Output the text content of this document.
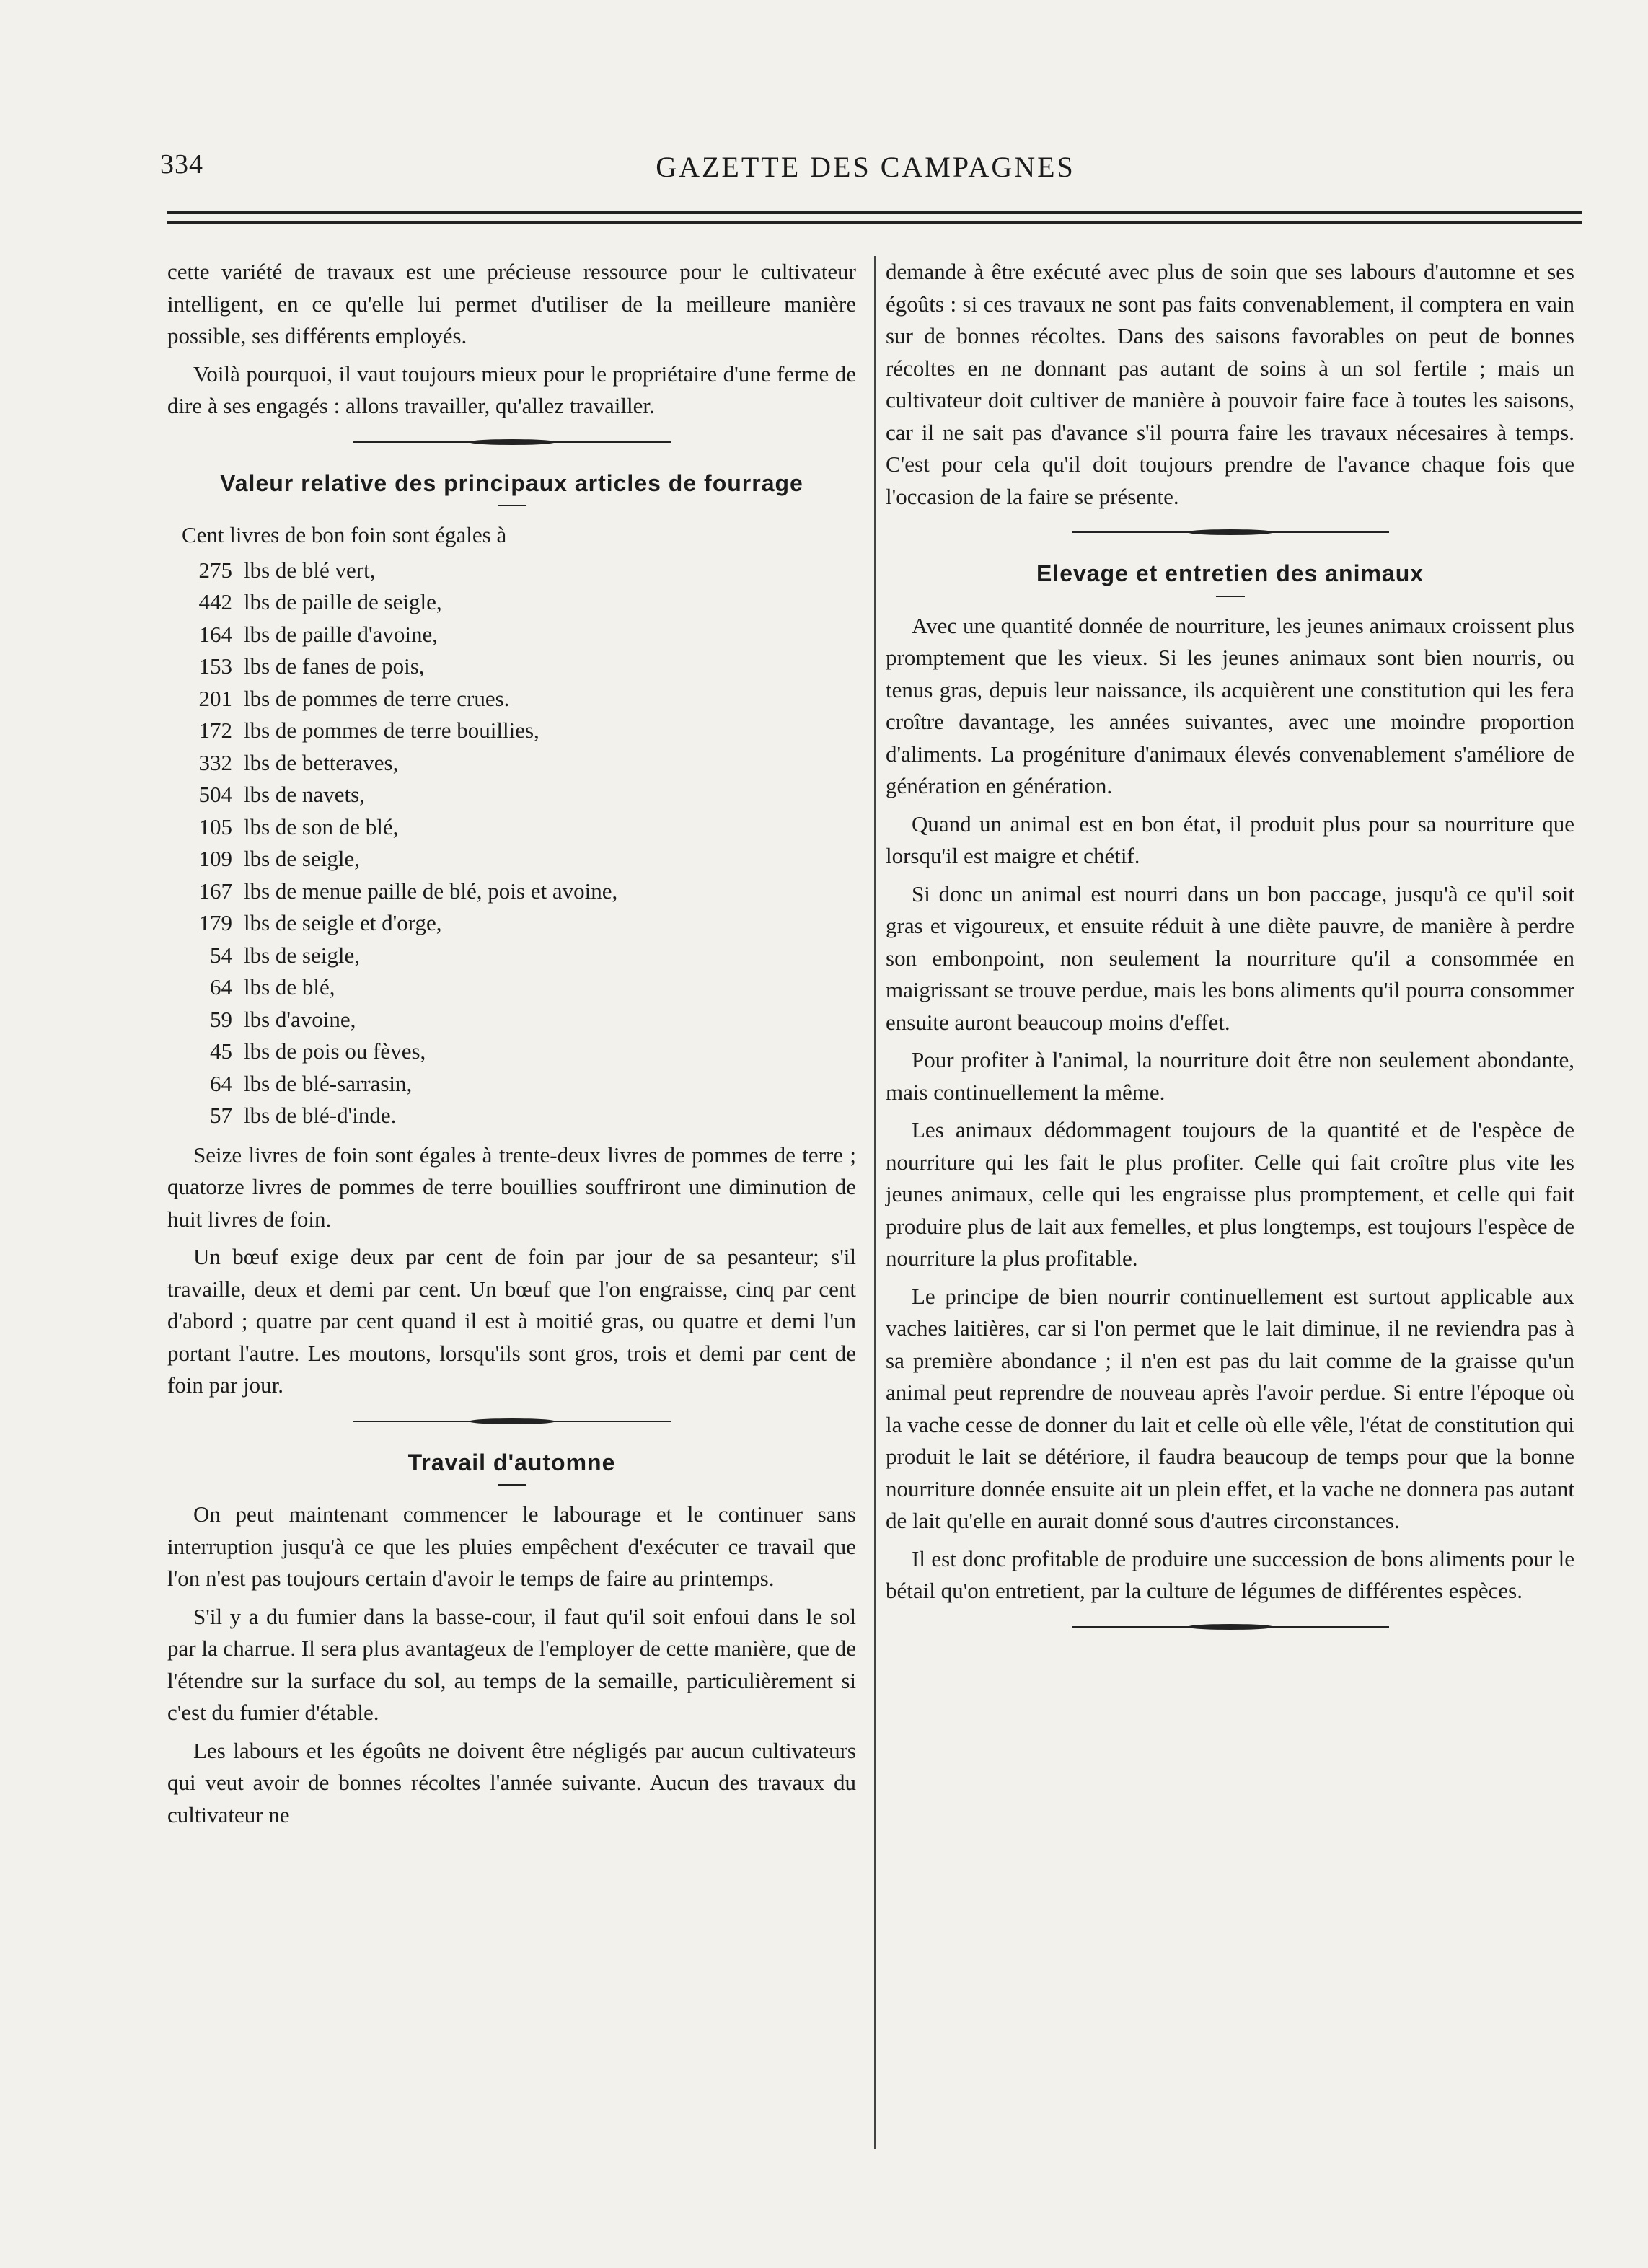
334	GAZETTE DES CAMPAGNES

cette variété de travaux est une précieuse ressource pour le cultivateur intelligent, en ce qu'elle lui permet d'utiliser de la meilleure manière possible, ses différents employés.

Voilà pourquoi, il vaut toujours mieux pour le propriétaire d'une ferme de dire à ses engagés : allons travailler, qu'allez travailler.

Valeur relative des principaux articles de fourrage

Cent livres de bon foin sont égales à

275 lbs de blé vert,
442 lbs de paille de seigle,
164 lbs de paille d'avoine,
153 lbs de fanes de pois,
201 lbs de pommes de terre crues.
172 lbs de pommes de terre bouillies,
332 lbs de betteraves,
504 lbs de navets,
105 lbs de son de blé,
109 lbs de seigle,
167 lbs de menue paille de blé, pois et avoine,
179 lbs de seigle et d'orge,
54 lbs de seigle,
64 lbs de blé,
59 lbs d'avoine,
45 lbs de pois ou fèves,
64 lbs de blé-sarrasin,
57 lbs de blé-d'inde.

Seize livres de foin sont égales à trente-deux livres de pommes de terre ; quatorze livres de pommes de terre bouillies souffriront une diminution de huit livres de foin.

Un bœuf exige deux par cent de foin par jour de sa pesanteur; s'il travaille, deux et demi par cent. Un bœuf que l'on engraisse, cinq par cent d'abord ; quatre par cent quand il est à moitié gras, ou quatre et demi l'un portant l'autre. Les moutons, lorsqu'ils sont gros, trois et demi par cent de foin par jour.

Travail d'automne

On peut maintenant commencer le labourage et le continuer sans interruption jusqu'à ce que les pluies empêchent d'exécuter ce travail que l'on n'est pas toujours certain d'avoir le temps de faire au printemps.

S'il y a du fumier dans la basse-cour, il faut qu'il soit enfoui dans le sol par la charrue. Il sera plus avantageux de l'employer de cette manière, que de l'étendre sur la surface du sol, au temps de la semaille, particulièrement si c'est du fumier d'étable.

Les labours et les égoûts ne doivent être négligés par aucun cultivateurs qui veut avoir de bonnes récoltes l'année suivante. Aucun des travaux du cultivateur ne

demande à être exécuté avec plus de soin que ses labours d'automne et ses égoûts : si ces travaux ne sont pas faits convenablement, il comptera en vain sur de bonnes récoltes. Dans des saisons favorables on peut de bonnes récoltes en ne donnant pas autant de soins à un sol fertile ; mais un cultivateur doit cultiver de manière à pouvoir faire face à toutes les saisons, car il ne sait pas d'avance s'il pourra faire les travaux nécesaires à temps. C'est pour cela qu'il doit toujours prendre de l'avance chaque fois que l'occasion de la faire se présente.

Elevage et entretien des animaux

Avec une quantité donnée de nourriture, les jeunes animaux croissent plus promptement que les vieux. Si les jeunes animaux sont bien nourris, ou tenus gras, depuis leur naissance, ils acquièrent une constitution qui les fera croître davantage, les années suivantes, avec une moindre proportion d'aliments. La progéniture d'animaux élevés convenablement s'améliore de génération en génération.

Quand un animal est en bon état, il produit plus pour sa nourriture que lorsqu'il est maigre et chétif.

Si donc un animal est nourri dans un bon paccage, jusqu'à ce qu'il soit gras et vigoureux, et ensuite réduit à une diète pauvre, de manière à perdre son embonpoint, non seulement la nourriture qu'il a consommée en maigrissant se trouve perdue, mais les bons aliments qu'il pourra consommer ensuite auront beaucoup moins d'effet.

Pour profiter à l'animal, la nourriture doit être non seulement abondante, mais continuellement la même.

Les animaux dédommagent toujours de la quantité et de l'espèce de nourriture qui les fait le plus profiter. Celle qui fait croître plus vite les jeunes animaux, celle qui les engraisse plus promptement, et celle qui fait produire plus de lait aux femelles, et plus longtemps, est toujours l'espèce de nourriture la plus profitable.

Le principe de bien nourrir continuellement est surtout applicable aux vaches laitières, car si l'on permet que le lait diminue, il ne reviendra pas à sa première abondance ; il n'en est pas du lait comme de la graisse qu'un animal peut reprendre de nouveau après l'avoir perdue. Si entre l'époque où la vache cesse de donner du lait et celle où elle vêle, l'état de constitution qui produit le lait se détériore, il faudra beaucoup de temps pour que la bonne nourriture donnée ensuite ait un plein effet, et la vache ne donnera pas autant de lait qu'elle en aurait donné sous d'autres circonstances.

Il est donc profitable de produire une succession de bons aliments pour le bétail qu'on entretient, par la culture de légumes de différentes espèces.
